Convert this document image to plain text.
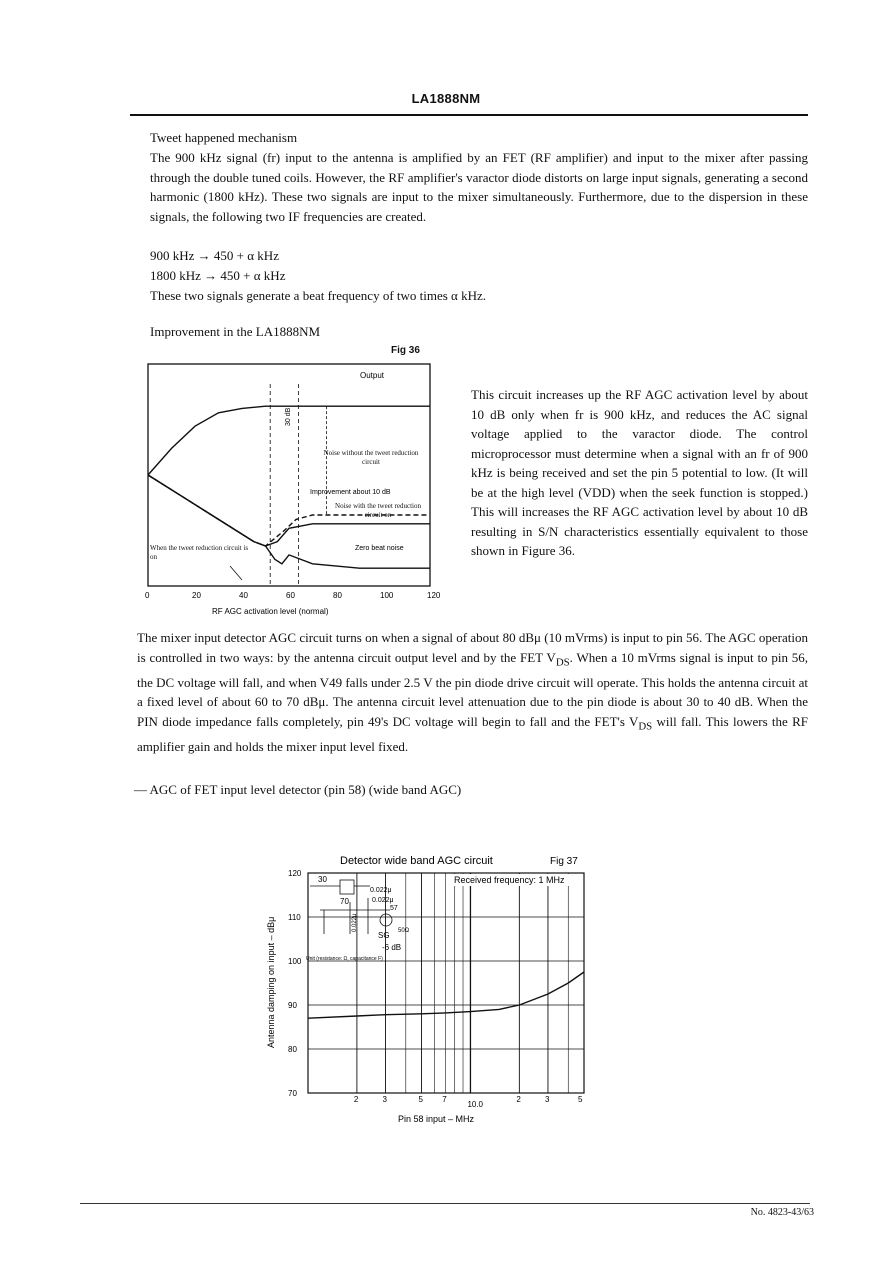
LA1888NM
Tweet happened mechanism
The 900 kHz signal (fr) input to the antenna is amplified by an FET (RF amplifier) and input to the mixer after passing through the double tuned coils. However, the RF amplifier's varactor diode distorts on large input signals, generating a second harmonic (1800 kHz). These two signals are input to the mixer simultaneously. Furthermore, due to the dispersion in these signals, the following two IF frequencies are created.
900 kHz → 450 + α kHz
1800 kHz → 450 + α kHz
These two signals generate a beat frequency of two times α kHz.
Improvement in the LA1888NM
Fig 36
0	20	40	60	80	100	120
Output
30 dB
Noise without the tweet reduction circuit
Improvement about 10 dB
Noise with the tweet reduction circuit on
Zero beat noise
When the tweet reduction circuit is on
RF AGC activation level (normal)
This circuit increases up the RF AGC activation level by about 10 dB only when fr is 900 kHz, and reduces the AC signal voltage applied to the varactor diode. The control microprocessor must determine when a signal with an fr of 900 kHz is being received and set the pin 5 potential to low. (It will be at the high level (VDD) when the seek function is stopped.) This will increases the RF AGC activation level by about 10 dB resulting in S/N characteristics essentially equivalent to those shown in Figure 36.
The mixer input detector AGC circuit turns on when a signal of about 80 dBμ (10 mVrms) is input to pin 56. The AGC operation is controlled in two ways: by the antenna circuit output level and by the FET $V_{DS}$. When a 10 mVrms signal is input to pin 56, the DC voltage will fall, and when V49 falls under 2.5 V the pin diode drive circuit will operate. This holds the antenna circuit at a fixed level of about 60 to 70 dBμ. The antenna circuit level attenuation due to the pin diode is about 30 to 40 dB. When the PIN diode impedance falls completely, pin 49's DC voltage will begin to fall and the FET's $V_{DS}$ will fall. This lowers the RF amplifier gain and holds the mixer input level fixed.
— AGC of FET input level detector (pin 58) (wide band AGC)
Detector wide band AGC circuit	Fig 37
120
110
100
90
80
70
2	3	5 7
10.0
2	3	5
Received frequency: 1 MHz
30
0.022μ
70	0.022μ
57
0.022μ
SG 50Ω
-6 dB
Unit (resistance: Ω, capacitance F)
Antenna damping on input – dBμ
Pin 58 input – MHz
No. 4823-43/63
